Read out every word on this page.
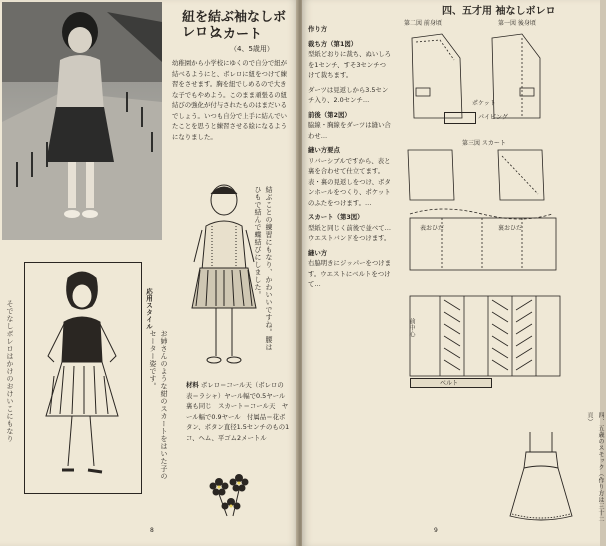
紐を結ぶ袖なしボレロと
スカート
（4、5歳用）
幼稚園から小学校にゆくので自分で紐が結べるようにと、ボレロに紐をつけて練習をさせます。胸を紐でしめるので大きな子でもやめよう。このまま頑張るの紐結びの強化が付与されたものはまだいるでしょう。いつも自分で上手に結んでいたことを思うと練習させる絵になるようになりました。
結ぶことの練習にもなり、かわいいですね。腰はひもで結んで蝶結びにしました。
応用スタイル
お姉さんのような紺のスカートをはいた子のセーター姿です。
そでなしボレロはかけのおけいこにもなり	材料 ボレロ＝コール天（ボレロの表＝ラシャ）ヤール幅で0.5ヤール　裏も同じ　スカート＝コール天　ヤール幅で0.9ヤール　付属品＝花ボタン、ボタン直径1.5センチのもの1コ、ヘム、平ゴム2メートル
8
作り方
裁ち方（第1図）
型紙どおりに裁ち、ぬいしろを1センチ、すそ3センチつけて裁ちます。
ダーツは見返しから3.5センチ入り、2.0センチ…
前後（第2図）
脇線・胸線をダーツは縫い合わせ…
縫い方要点
リバーシブルですから、表と裏を合わせて仕立てます。表・裏の見返しをつけ、ボタンホールをつくり、ポケットのふたをつけます。…
スカート（第3図）
型紙と同じく前後で並べて…ウエストバンドをつけます。
縫い方
右脇明きにジッパーをつけます。ウエストにベルトをつけて…
四、五才用 袖なしボレロ
第二図 前身頃	第一図 後身頃
ポケット
パイピング
第三図 スカート
表おひだ	裏おひだ
前中心
ベルト
四、五歳のスモック（作り方は三十二頁）
9
